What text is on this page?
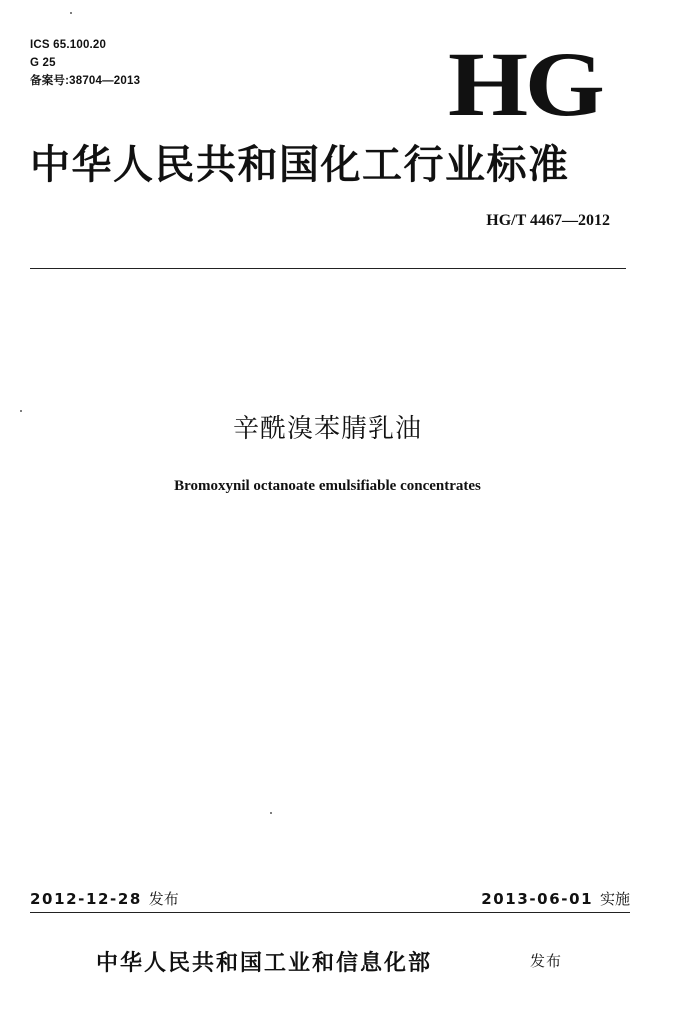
ICS 65.100.20
G 25
备案号:38704—2013	HG
中华人民共和国化工行业标准
HG/T 4467—2012
辛酰溴苯腈乳油
Bromoxynil octanoate emulsifiable concentrates
2012-12-28 发布	2013-06-01 实施
中华人民共和国工业和信息化部	发布
